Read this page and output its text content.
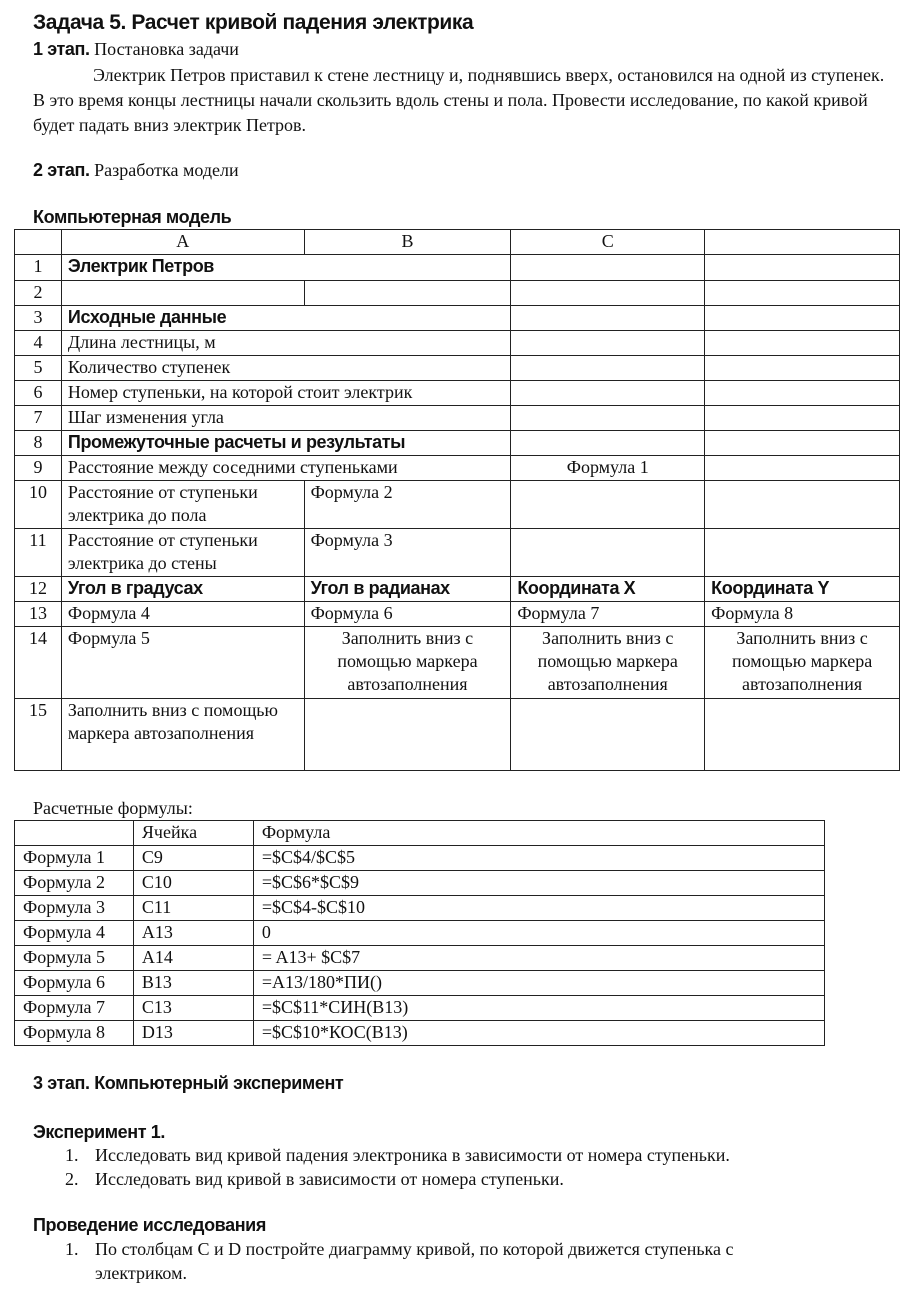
Задача 5. Расчет кривой падения электрика
1 этап. Постановка задачи

Электрик Петров приставил к стене лестницу и, поднявшись вверх, остановился на одной из ступенек. В это время концы лестницы начали скользить вдоль стены и пола. Провести исследование, по какой кривой будет падать вниз электрик Петров.

2 этап. Разработка модели
Компьютерная модель
	A	B	C	
1	Электрик Петров			
2				
3	Исходные данные			
4	Длина лестницы, м			
5	Количество ступенек			
6	Номер ступеньки, на которой стоит электрик			
7	Шаг изменения угла			
8	Промежуточные расчеты и результаты			
9	Расстояние между соседними ступеньками		Формула 1	
10	Расстояние от ступеньки электрика до пола	Формула 2		
11	Расстояние от ступеньки электрика до стены	Формула 3		
12	Угол в градусах	Угол в радианах	Координата X	Координата Y
13	Формула 4	Формула 6	Формула 7	Формула 8
14	Формула 5	Заполнить вниз с помощью маркера автозаполнения	Заполнить вниз с помощью маркера автозаполнения	Заполнить вниз с помощью маркера автозаполнения
15	Заполнить вниз с помощью маркера автозаполнения			
Расчетные формулы:
	Ячейка	Формула
Формула 1	C9	=$C$4/$C$5
Формула 2	C10	=$C$6*$C$9
Формула 3	C11	=$C$4-$C$10
Формула 4	A13	0
Формула 5	A14	= A13+ $C$7
Формула 6	B13	=A13/180*ПИ()
Формула 7	C13	=$C$11*СИН(B13)
Формула 8	D13	=$C$10*КОС(B13)
3 этап. Компьютерный эксперимент
Эксперимент 1.
1. Исследовать вид кривой падения электроника в зависимости от номера ступеньки.
2. Исследовать вид кривой в зависимости от номера ступеньки.
Проведение исследования
1. По столбцам С и D постройте диаграмму кривой, по которой движется ступенька с
электриком.
